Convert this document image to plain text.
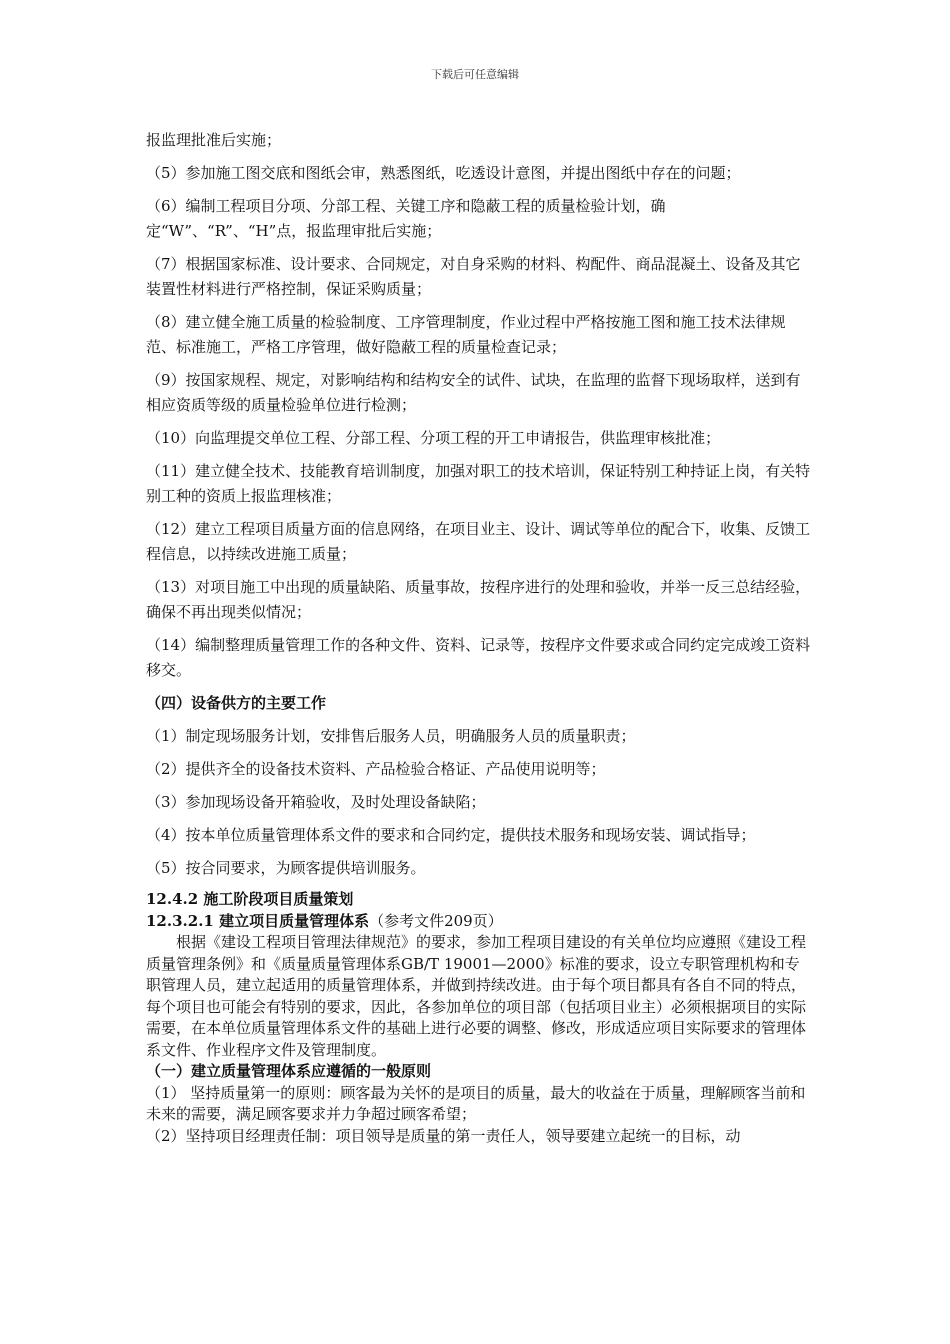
下载后可任意编辑

报监理批准后实施；

（5）参加施工图交底和图纸会审，熟悉图纸，吃透设计意图，并提出图纸中存在的问题；

（6）编制工程项目分项、分部工程、关键工序和隐蔽工程的质量检验计划，确定“W”、“R”、“H”点，报监理审批后实施；

（7）根据国家标准、设计要求、合同规定，对自身采购的材料、构配件、商品混凝土、设备及其它装置性材料进行严格控制，保证采购质量；

（8）建立健全施工质量的检验制度、工序管理制度，作业过程中严格按施工图和施工技术法律规范、标准施工，严格工序管理，做好隐蔽工程的质量检查记录；

（9）按国家规程、规定，对影响结构和结构安全的试件、试块，在监理的监督下现场取样，送到有相应资质等级的质量检验单位进行检测；

（10）向监理提交单位工程、分部工程、分项工程的开工申请报告，供监理审核批准；

（11）建立健全技术、技能教育培训制度，加强对职工的技术培训，保证特别工种持证上岗，有关特别工种的资质上报监理核准；

（12）建立工程项目质量方面的信息网络，在项目业主、设计、调试等单位的配合下，收集、反馈工程信息，以持续改进施工质量；

（13）对项目施工中出现的质量缺陷、质量事故，按程序进行的处理和验收，并举一反三总结经验，确保不再出现类似情况；

（14）编制整理质量管理工作的各种文件、资料、记录等，按程序文件要求或合同约定完成竣工资料移交。

（四）设备供方的主要工作

（1）制定现场服务计划，安排售后服务人员，明确服务人员的质量职责；

（2）提供齐全的设备技术资料、产品检验合格证、产品使用说明等；

（3）参加现场设备开箱验收，及时处理设备缺陷；

（4）按本单位质量管理体系文件的要求和合同约定，提供技术服务和现场安装、调试指导；

（5）按合同要求，为顾客提供培训服务。

12.4.2 施工阶段项目质量策划

12.3.2.1 建立项目质量管理体系（参考文件209页）

根据《建设工程项目管理法律规范》的要求，参加工程项目建设的有关单位均应遵照《建设工程质量管理条例》和《质量质量管理体系GB/T 19001—2000》标准的要求，设立专职管理机构和专职管理人员，建立起适用的质量管理体系，并做到持续改进。由于每个项目都具有各自不同的特点，每个项目也可能会有特别的要求，因此，各参加单位的项目部（包括项目业主）必须根据项目的实际需要，在本单位质量管理体系文件的基础上进行必要的调整、修改，形成适应项目实际要求的管理体系文件、作业程序文件及管理制度。

（一）建立质量管理体系应遵循的一般原则

（1） 坚持质量第一的原则：顾客最为关怀的是项目的质量，最大的收益在于质量，理解顾客当前和未来的需要，满足顾客要求并力争超过顾客希望；

（2）坚持项目经理责任制：项目领导是质量的第一责任人，领导要建立起统一的目标，动
